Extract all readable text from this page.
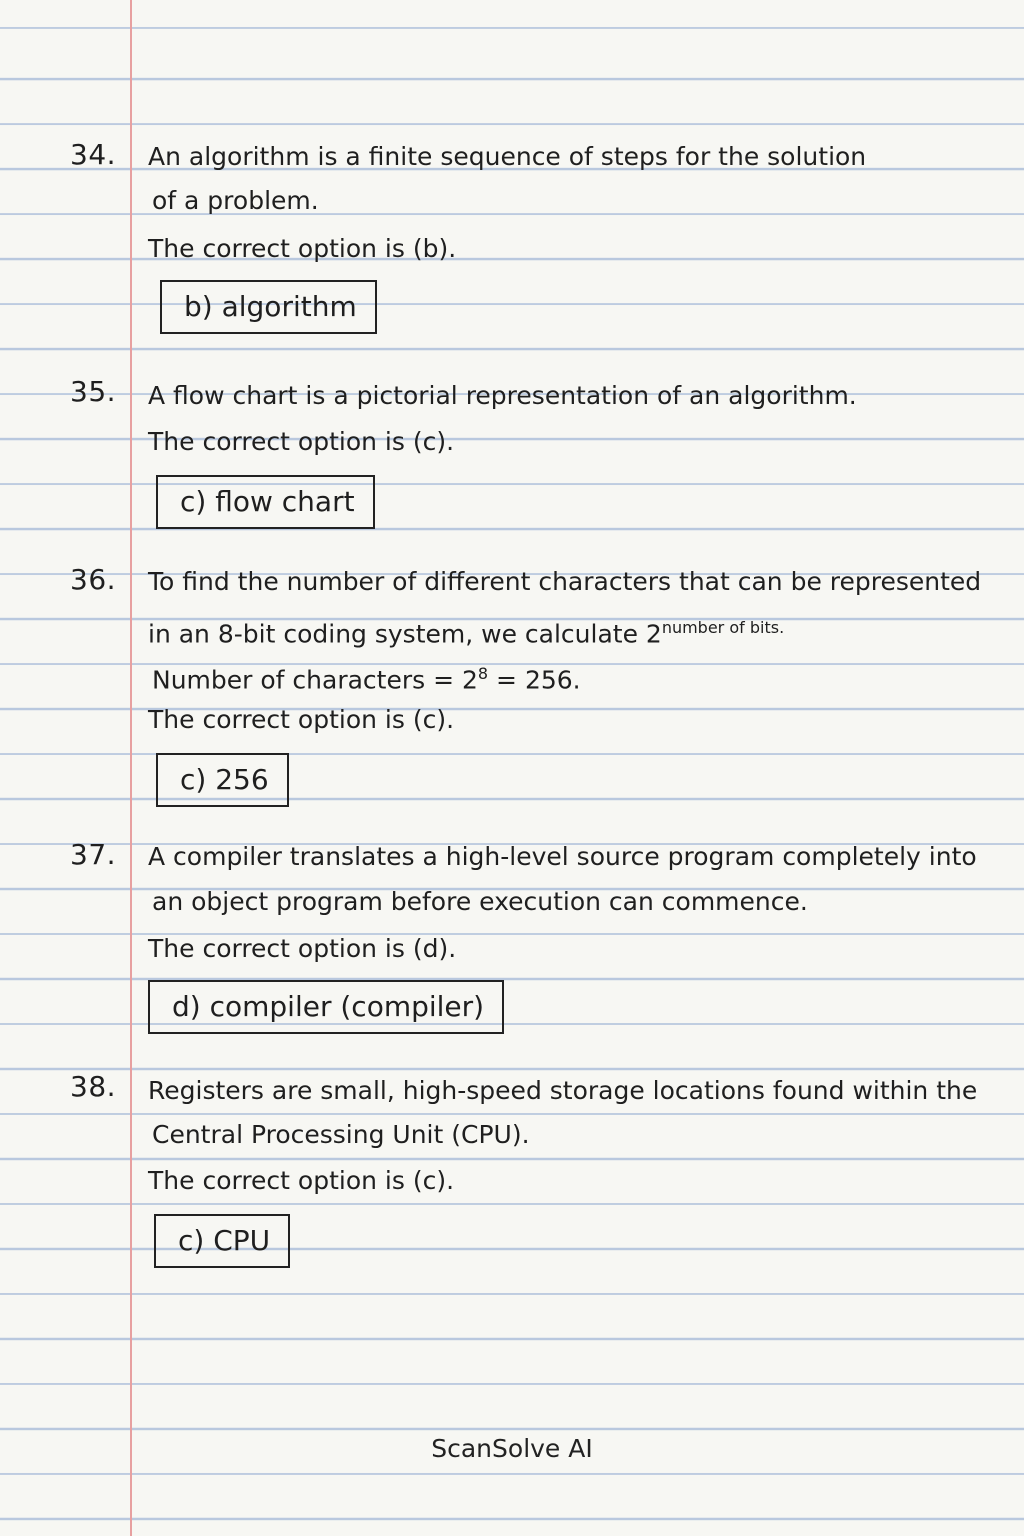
34. An algorithm is a finite sequence of steps for the solution
of a problem.
The correct option is (b).
b) algorithm
35. A flow chart is a pictorial representation of an algorithm.
The correct option is (c).
c) flow chart
36. To find the number of different characters that can be represented
in an 8-bit coding system, we calculate $2^{number of bits.}$
Number of characters = $2^8 = 256$.
The correct option is (c).
c) 256
37. A compiler translates a high-level source program completely into
an object program before execution can commence.
The correct option is (d).
d) compiler (compiler)
38. Registers are small, high-speed storage locations found within the
Central Processing Unit (CPU).
The correct option is (c).
c) CPU
ScanSolve AI
